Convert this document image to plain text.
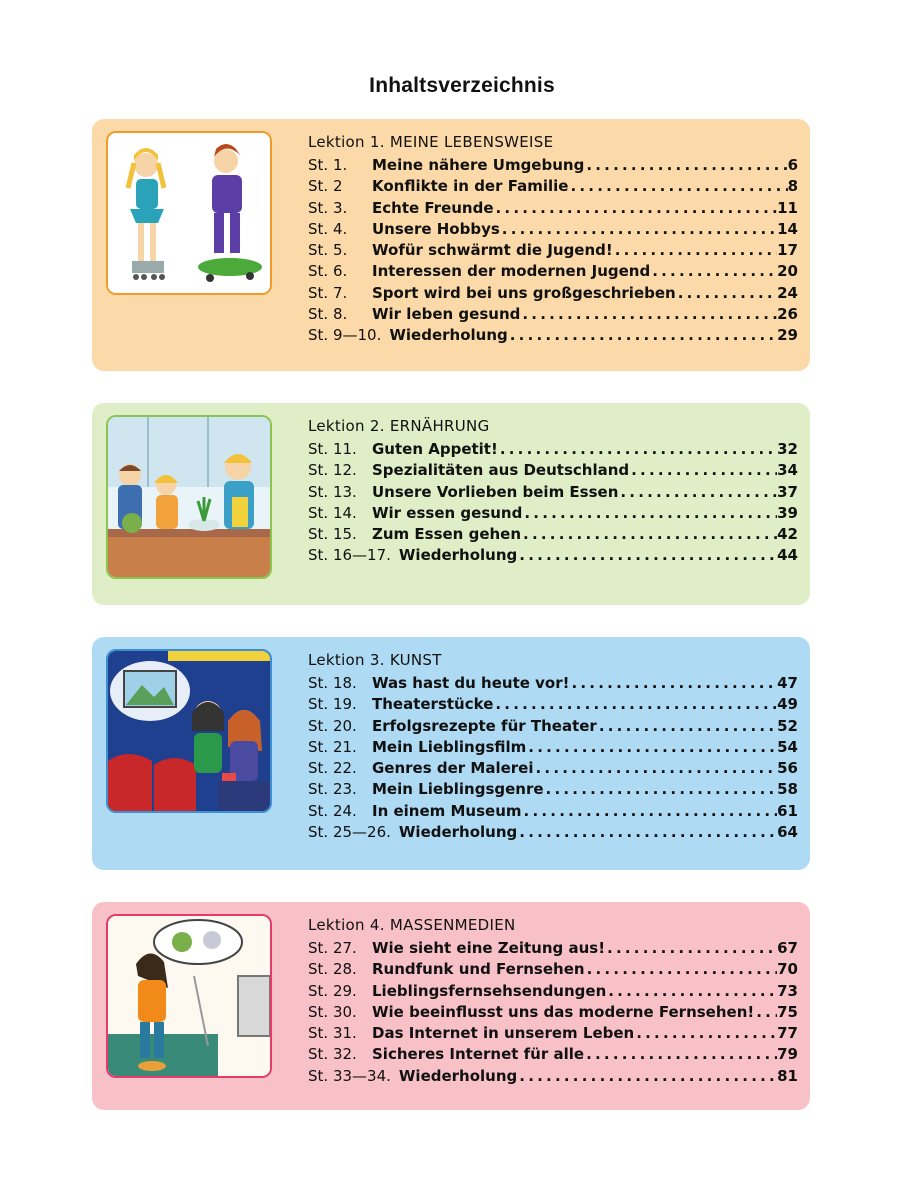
Inhaltsverzeichnis
Lektion 1. MEINE LEBENSWEISE
St. 1.	Meine nähere Umgebung . . .	6
St. 2	Konflikte in der Familie . . .	8
St. 3.	Echte Freunde . . .	11
St. 4.	Unsere Hobbys . . .	14
St. 5.	Wofür schwärmt die Jugend! . . .	17
St. 6.	Interessen der modernen Jugend . . .	20
St. 7.	Sport wird bei uns großgeschrieben . . .	24
St. 8.	Wir leben gesund . . .	26
St. 9—10. Wiederholung . . .	29
Lektion 2. ERNÄHRUNG
St. 11.	Guten Appetit! . . .	32
St. 12.	Spezialitäten aus Deutschland . . .	34
St. 13.	Unsere Vorlieben beim Essen . . .	37
St. 14.	Wir essen gesund . . .	39
St. 15.	Zum Essen gehen . . .	42
St. 16—17. Wiederholung . . .	44
Lektion 3. KUNST
St. 18.	Was hast du heute vor! . . .	47
St. 19.	Theaterstücke . . .	49
St. 20.	Erfolgsrezepte für Theater . . .	52
St. 21.	Mein Lieblingsfilm . . .	54
St. 22.	Genres der Malerei . . .	56
St. 23.	Mein Lieblingsgenre . . .	58
St. 24.	In einem Museum . . .	61
St. 25—26. Wiederholung . . .	64
Lektion 4. MASSENMEDIEN
St. 27.	Wie sieht eine Zeitung aus! . . .	67
St. 28.	Rundfunk und Fernsehen . . .	70
St. 29.	Lieblingsfernsehsendungen . . .	73
St. 30.	Wie beeinflusst uns das moderne Fernsehen! . . . 75
St. 31.	Das Internet in unserem Leben . . .	77
St. 32.	Sicheres Internet für alle . . .	79
St. 33—34. Wiederholung . . .	81
